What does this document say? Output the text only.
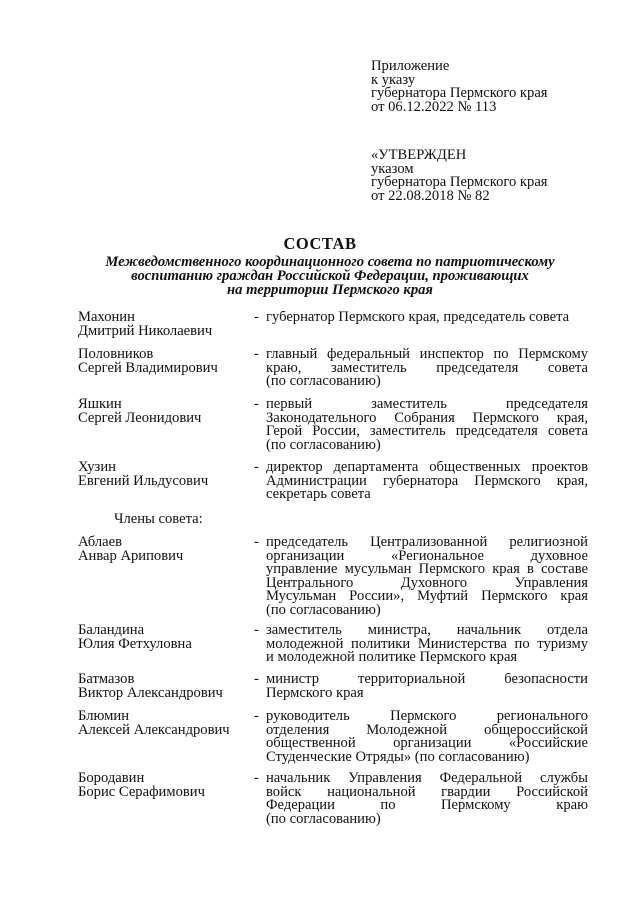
Приложение
к указу
губернатора Пермского края
от 06.12.2022 № 113
«УТВЕРЖДЕН
указом
губернатора Пермского края
от 22.08.2018 № 82
СОСТАВ
Межведомственного координационного совета по патриотическому
воспитанию граждан Российской Федерации, проживающих
на территории Пермского края
Махонин
Дмитрий Николаевич
- губернатор Пермского края, председатель совета
Половников
Сергей Владимирович
- главный федеральный инспектор по Пермскому
краю, заместитель председателя совета
(по согласованию)
Яшкин
Сергей Леонидович
- первый заместитель председателя
Законодательного Собрания Пермского края,
Герой России, заместитель председателя совета
(по согласованию)
Хузин
Евгений Ильдусович
- директор департамента общественных проектов
Администрации губернатора Пермского края,
секретарь совета
Члены совета:
Аблаев
Анвар Арипович
- председатель Централизованной религиозной
организации «Региональное духовное
управление мусульман Пермского края в составе
Центрального Духовного Управления
Мусульман России», Муфтий Пермского края
(по согласованию)
Баландина
Юлия Фетхуловна
- заместитель министра, начальник отдела
молодежной политики Министерства по туризму
и молодежной политике Пермского края
Батмазов
Виктор Александрович
- министр территориальной безопасности
Пермского края
Блюмин
Алексей Александрович
- руководитель Пермского регионального
отделения Молодежной общероссийской
общественной организации «Российские
Студенческие Отряды» (по согласованию)
Бородавин
Борис Серафимович
- начальник Управления Федеральной службы
войск национальной гвардии Российской
Федерации по Пермскому краю
(по согласованию)
